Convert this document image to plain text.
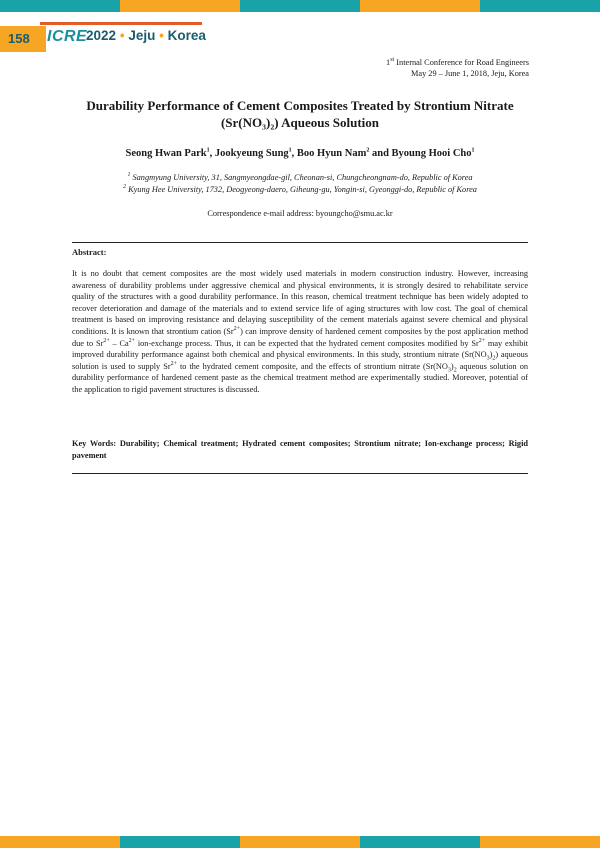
158	ICRE
2022 • Jeju • Korea
1st Internal Conference for Road Engineers
May 29 – June 1, 2018, Jeju, Korea
Durability Performance of Cement Composites Treated by Strontium Nitrate (Sr(NO₃)₂) Aqueous Solution
Seong Hwan Park$^1$, Jookyeung Sung$^1$, Boo Hyun Nam$^2$ and Byoung Hooi Cho$^1$
$^1$ Sangmyung University, 31, Sangmyeongdae-gil, Cheonan-si, Chungcheongnam-do, Republic of Korea
$^2$ Kyung Hee University, 1732, Deogyeong-daero, Giheung-gu, Yongin-si, Gyeonggi-do, Republic of Korea
Correspondence e-mail address: byoungcho@smu.ac.kr
Abstract:
It is no doubt that cement composites are the most widely used materials in modern construction industry. However, increasing awareness of durability problems under aggressive chemical and physical environments, it is strongly desired to rehabilitate service quality of the structures with a good durability performance. In this reason, chemical treatment technique has been widely adopted to recover deterioration and damage of the materials and to extend service life of aging structures with low cost. The goal of chemical treatment is based on improving resistance and delaying susceptibility of the cement materials against severe chemical and physical conditions. It is known that strontium cation $(Sr^{2+})$ can improve density of hardened cement composites by the post application method due to $Sr^{2+} - Ca^{2+}$ ion-exchange process. Thus, it can be expected that the hydrated cement composites modified by $Sr^{2+}$ may exhibit improved durability performance against both chemical and physical environments. In this study, strontium nitrate $(Sr(NO_3)_2)$ aqueous solution is used to supply $Sr^{2+}$ to the hydrated cement composite, and the effects of strontium nitrate ($Sr(NO_3)_2$ aqueous solution on durability performance of hardened cement paste as the chemical treatment method are experimentally studied. Moreover, potential of the application to rigid pavement structures is discussed.
Key Words: Durability; Chemical treatment; Hydrated cement composites; Strontium nitrate; Ion-exchange process; Rigid pavement
